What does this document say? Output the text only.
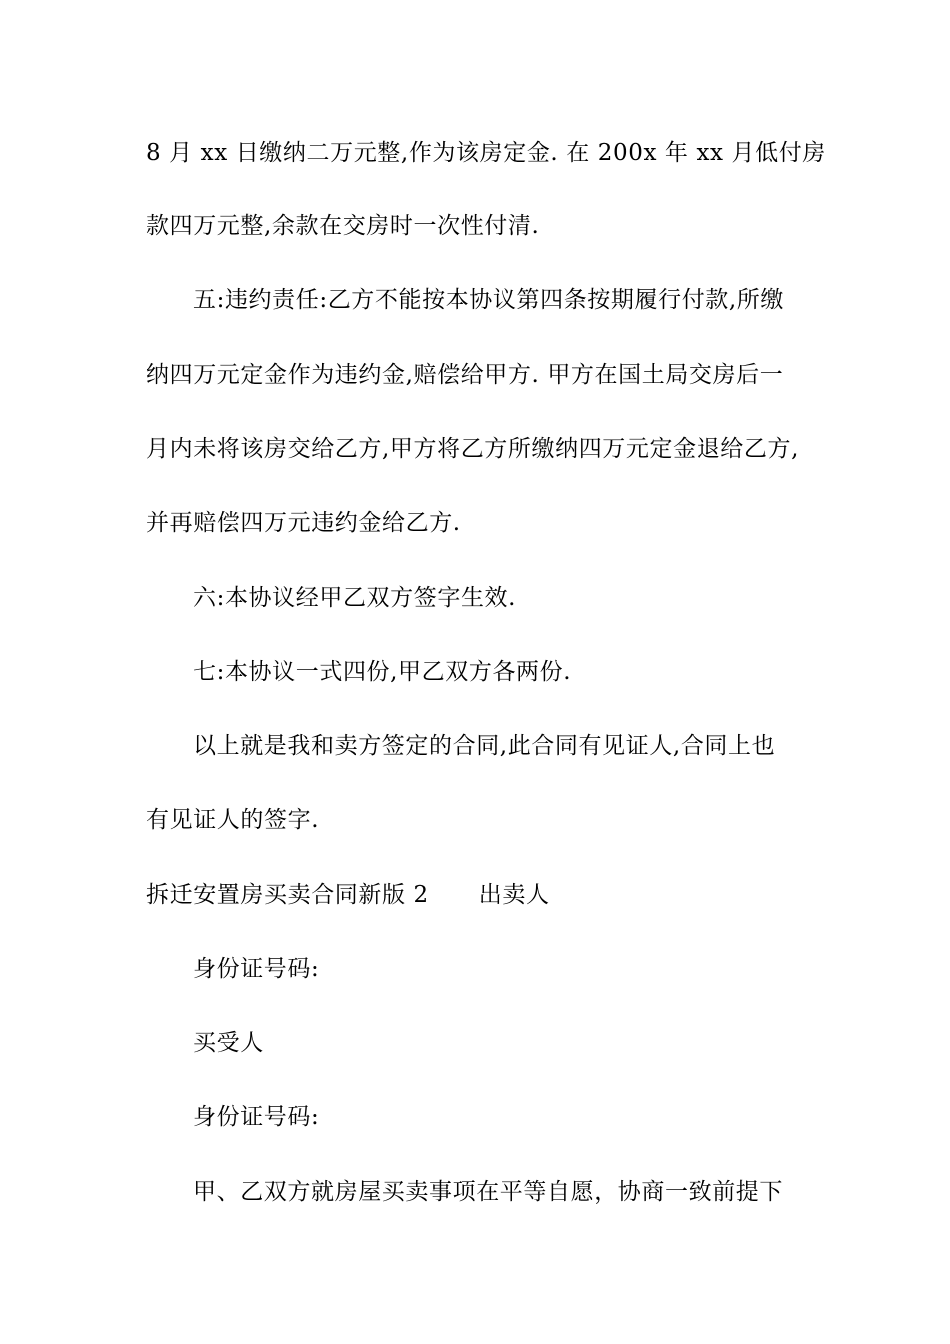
8 月 xx 日缴纳二万元整,作为该房定金. 在 200x 年 xx 月低付房
款四万元整,余款在交房时一次性付清.
五:违约责任:乙方不能按本协议第四条按期履行付款,所缴
纳四万元定金作为违约金,赔偿给甲方. 甲方在国土局交房后一
月内未将该房交给乙方,甲方将乙方所缴纳四万元定金退给乙方,
并再赔偿四万元违约金给乙方.
六:本协议经甲乙双方签字生效.
七:本协议一式四份,甲乙双方各两份.
以上就是我和卖方签定的合同,此合同有见证人,合同上也
有见证人的签字.
拆迁安置房买卖合同新版 2 出卖人
身份证号码:
买受人
身份证号码:
甲、乙双方就房屋买卖事项在平等自愿，协商一致前提下
